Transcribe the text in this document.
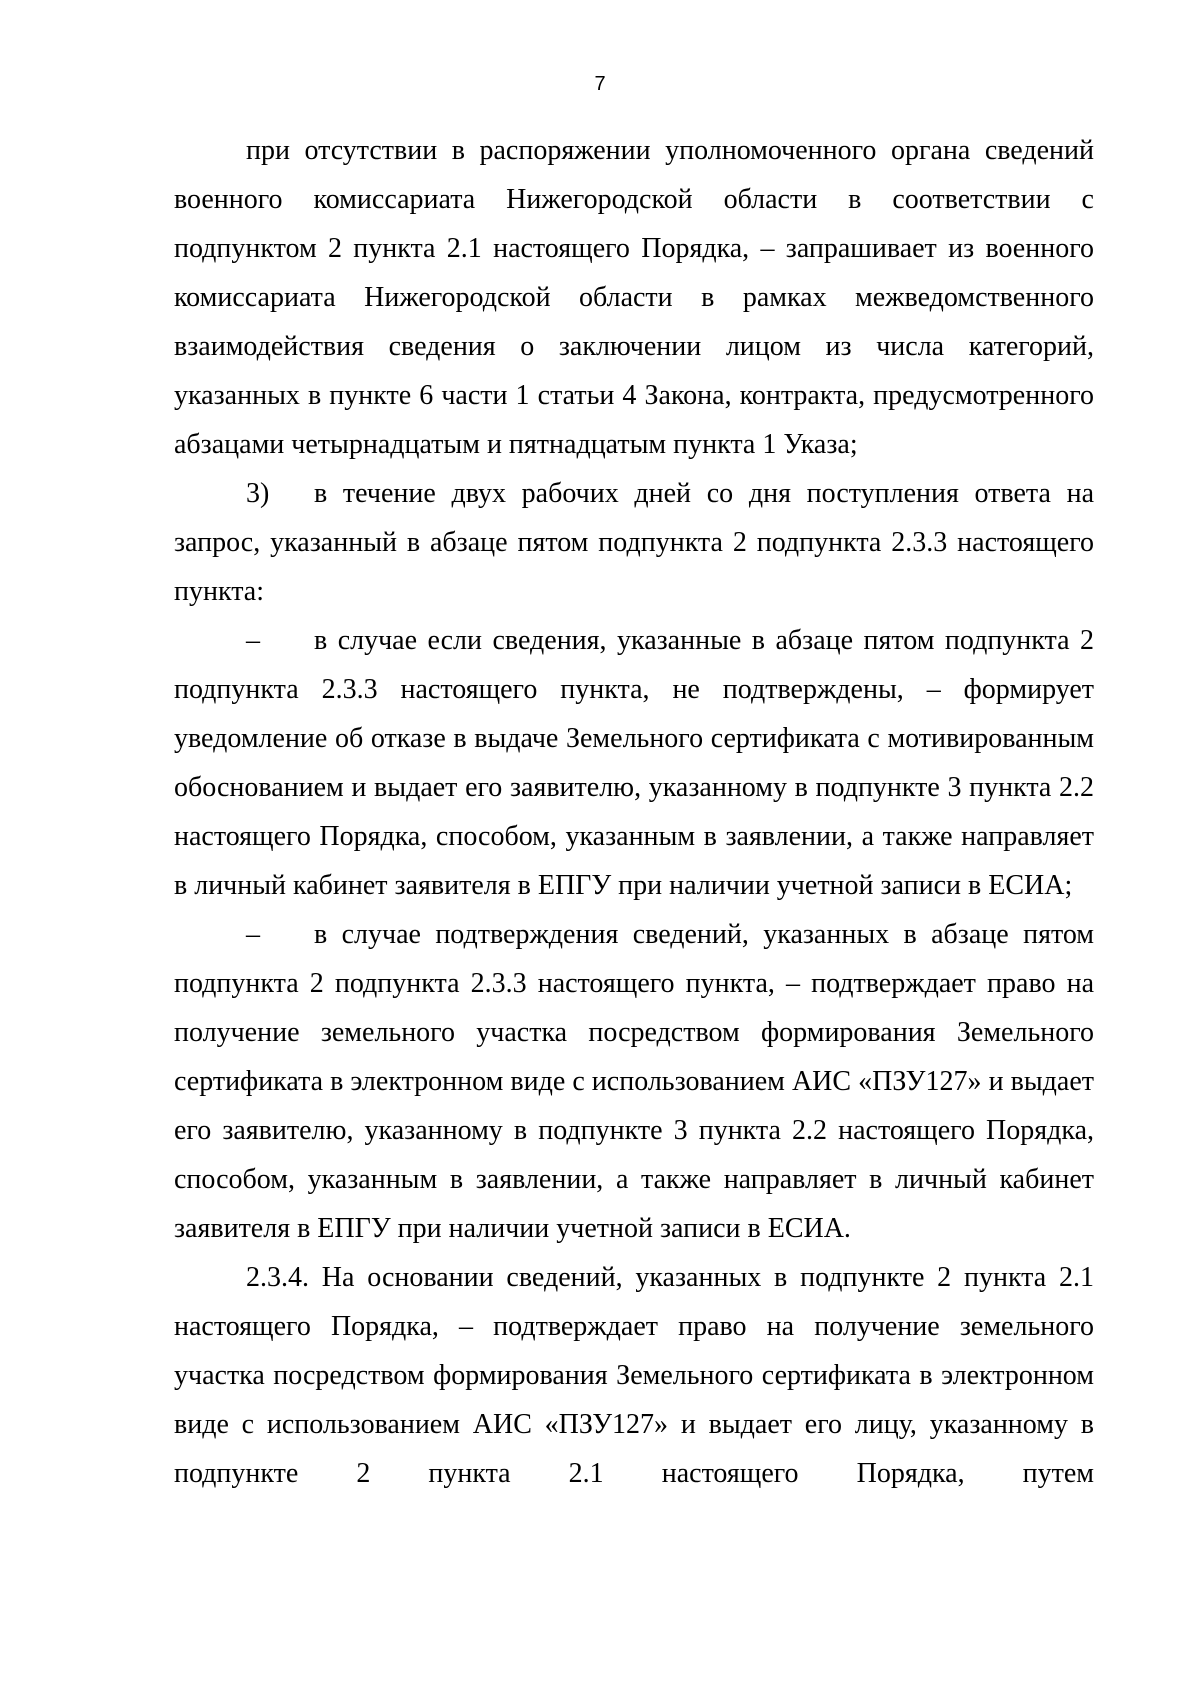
7

при отсутствии в распоряжении уполномоченного органа сведений военного комиссариата Нижегородской области в соответствии с подпунктом 2 пункта 2.1 настоящего Порядка, – запрашивает из военного комиссариата Нижегородской области в рамках межведомственного взаимодействия сведения о заключении лицом из числа категорий, указанных в пункте 6 части 1 статьи 4 Закона, контракта, предусмотренного абзацами четырнадцатым и пятнадцатым пункта 1 Указа;

3)	в течение двух рабочих дней со дня поступления ответа на

запрос, указанный в абзаце пятом подпункта 2 подпункта 2.3.3 настоящего пункта:

–	в случае если сведения, указанные в абзаце пятом подпункта 2

подпункта 2.3.3 настоящего пункта, не подтверждены, – формирует уведомление об отказе в выдаче Земельного сертификата с мотивированным обоснованием и выдает его заявителю, указанному в подпункте 3 пункта 2.2 настоящего Порядка, способом, указанным в заявлении, а также направляет в личный кабинет заявителя в ЕПГУ при наличии учетной записи в ЕСИА;

–	в случае подтверждения сведений, указанных в абзаце пятом

подпункта 2 подпункта 2.3.3 настоящего пункта, – подтверждает право на получение земельного участка посредством формирования Земельного сертификата в электронном виде с использованием АИС «ПЗУ127» и выдает его заявителю, указанному в подпункте 3 пункта 2.2 настоящего Порядка, способом, указанным в заявлении, а также направляет в личный кабинет заявителя в ЕПГУ при наличии учетной записи в ЕСИА.

2.3.4. На основании сведений, указанных в подпункте 2 пункта 2.1 настоящего Порядка, – подтверждает право на получение земельного участка посредством формирования Земельного сертификата в электронном виде с использованием АИС «ПЗУ127» и выдает его лицу, указанному в подпункте 2 пункта 2.1 настоящего Порядка, путем
